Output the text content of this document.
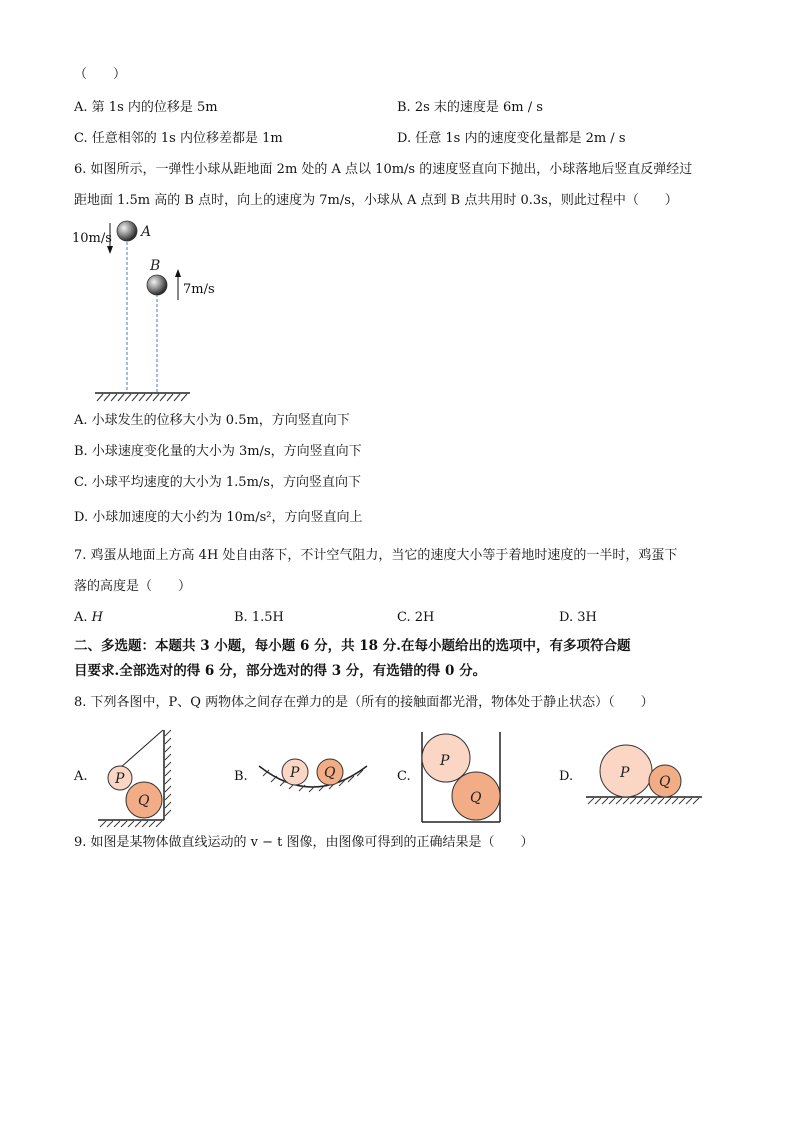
（　　）
A. 第 1s 内的位移是 5m	B. 2s 末的速度是 6m / s
C. 任意相邻的 1s 内位移差都是 1m	D. 任意 1s 内的速度变化量都是 2m / s
6. 如图所示，一弹性小球从距地面 2m 处的 A 点以 10m/s 的速度竖直向下抛出，小球落地后竖直反弹经过
距地面 1.5m 高的 B 点时，向上的速度为 7m/s，小球从 A 点到 B 点共用时 0.3s，则此过程中（　　）
A
10m/s
B
7m/s
A. 小球发生的位移大小为 0.5m，方向竖直向下
B. 小球速度变化量的大小为 3m/s，方向竖直向下
C. 小球平均速度的大小为 1.5m/s，方向竖直向下
D. 小球加速度的大小约为 10m/s²，方向竖直向上
7. 鸡蛋从地面上方高 4H 处自由落下，不计空气阻力，当它的速度大小等于着地时速度的一半时，鸡蛋下
落的高度是（　　）
A. H	B. 1.5H	C. 2H	D. 3H
二、多选题：本题共 3 小题，每小题 6 分，共 18 分.在每小题给出的选项中，有多项符合题
目要求.全部选对的得 6 分，部分选对的得 3 分，有选错的得 0 分。
8. 下列各图中，P、Q 两物体之间存在弹力的是（所有的接触面都光滑，物体处于静止状态）（　　）
A.	B.	C.	D.
P
Q
P Q
P
Q
P
Q
9. 如图是某物体做直线运动的 v − t 图像，由图像可得到的正确结果是（　　）
